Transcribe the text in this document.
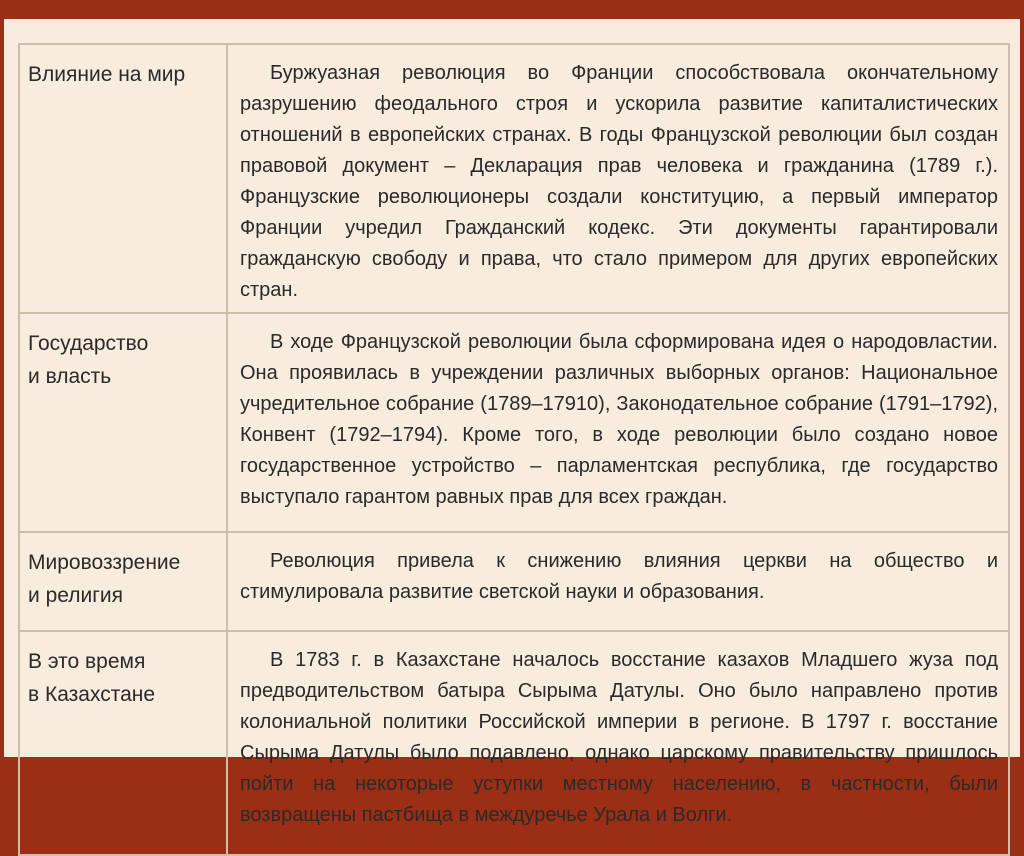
Влияние на мир	Буржуазная революция во Франции способствовала окончательному разрушению феодального строя и ускорила развитие капиталистических отношений в европейских странах. В годы Французской революции был создан правовой документ – Декларация прав человека и гражданина (1789 г.). Французские революционеры создали конституцию, а первый император Франции учредил Гражданский кодекс. Эти документы гарантировали гражданскую свободу и права, что стало примером для других европейских стран.

Государство
и власть	В ходе Французской революции была сформирована идея о народовластии. Она проявилась в учреждении различных выборных органов: Национальное учредительное собрание (1789–17910), Законодательное собрание (1791–1792), Конвент (1792–1794). Кроме того, в ходе революции было создано новое государственное устройство – парламентская республика, где государство выступало гарантом равных прав для всех граждан.

Мировоззрение
и религия	Революция привела к снижению влияния церкви на общество и стимулировала развитие светской науки и образования.

В это время
в Казахстане	В 1783 г. в Казахстане началось восстание казахов Младшего жуза под предводительством батыра Сырыма Датулы. Оно было направлено против колониальной политики Российской империи в регионе. В 1797 г. восстание Сырыма Датулы было подавлено, однако царскому правительству пришлось пойти на некоторые уступки местному населению, в частности, были возвращены пастбища в междуречье Урала и Волги.
